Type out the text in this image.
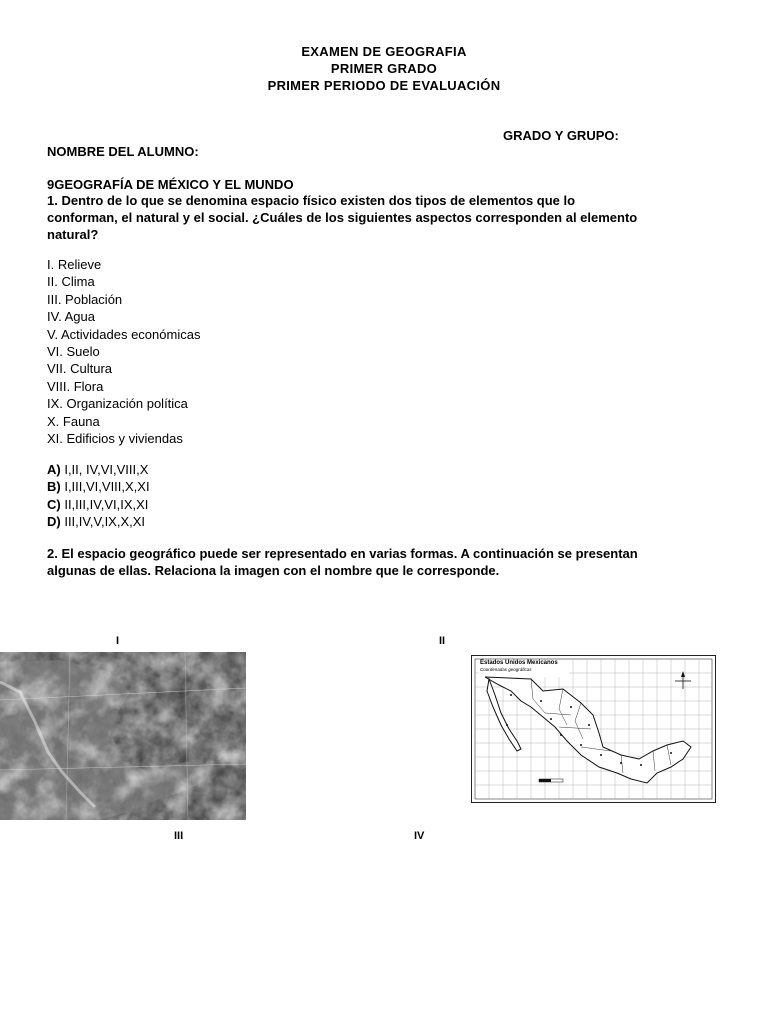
EXAMEN DE GEOGRAFIA
PRIMER GRADO
PRIMER PERIODO DE EVALUACIÓN
GRADO Y GRUPO:
NOMBRE DEL ALUMNO:
9GEOGRAFÍA DE MÉXICO Y EL MUNDO
1. Dentro de lo que se denomina espacio físico existen dos tipos de elementos que lo
conforman, el natural y el social. ¿Cuáles de los siguientes aspectos corresponden al elemento
natural?
I. Relieve
II. Clima
III. Población
IV. Agua
V. Actividades económicas
VI. Suelo
VII. Cultura
VIII. Flora
IX. Organización política
X. Fauna
XI. Edificios y viviendas
A) I,II, IV,VI,VIII,X
B) I,III,VI,VIII,X,XI
C) II,III,IV,VI,IX,XI
D) III,IV,V,IX,X,XI
2. El espacio geográfico puede ser representado en varias formas. A continuación se presentan
algunas de ellas. Relaciona la imagen con el nombre que le corresponde.
I	II
III	IV
Estados Unidos Mexicanos
Coordenadas geográficas
